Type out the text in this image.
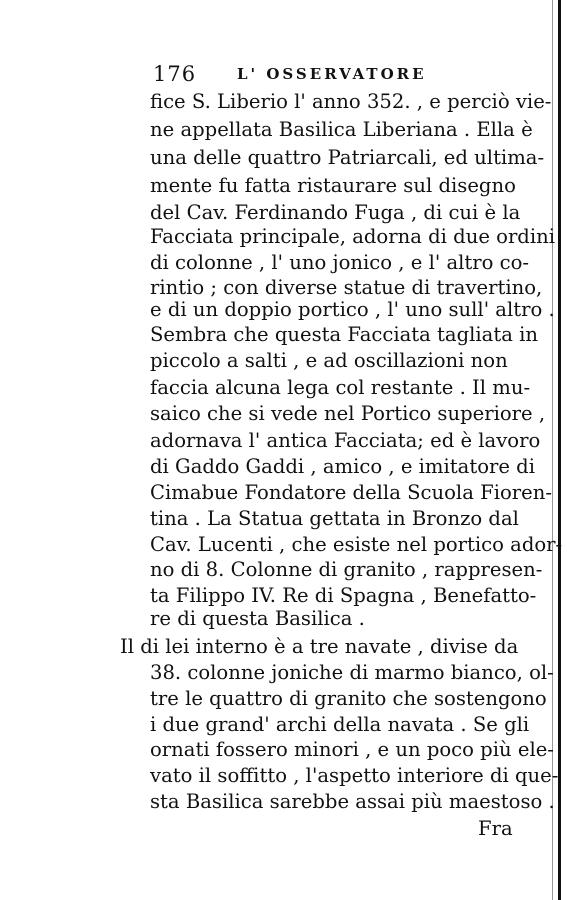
176	L' OSSERVATORE
fice S. Liberio l' anno 352. , e perciò vie-
ne appellata Basilica Liberiana . Ella è
una delle quattro Patriarcali, ed ultima-
mente fu fatta ristaurare sul disegno
del Cav. Ferdinando Fuga , di cui è la
Facciata principale, adorna di due ordini
di colonne , l' uno jonico , e l' altro co-
rintio ; con diverse statue di travertino,
e di un doppio portico , l' uno sull' altro .
Sembra che questa Facciata tagliata in
piccolo a salti , e ad oscillazioni non
faccia alcuna lega col restante . Il mu-
saico che si vede nel Portico superiore ,
adornava l' antica Facciata; ed è lavoro
di Gaddo Gaddi , amico , e imitatore di
Cimabue Fondatore della Scuola Fioren-
tina . La Statua gettata in Bronzo dal
Cav. Lucenti , che esiste nel portico ador-
no di 8. Colonne di granito , rappresen-
ta Filippo IV. Re di Spagna , Benefatto-
re di questa Basilica .
Il di lei interno è a tre navate , divise da
38. colonne joniche di marmo bianco, ol-
tre le quattro di granito che sostengono
i due grand' archi della navata . Se gli
ornati fossero minori , e un poco più ele-
vato il soffitto , l'aspetto interiore di que-
sta Basilica sarebbe assai più maestoso .
Fra
